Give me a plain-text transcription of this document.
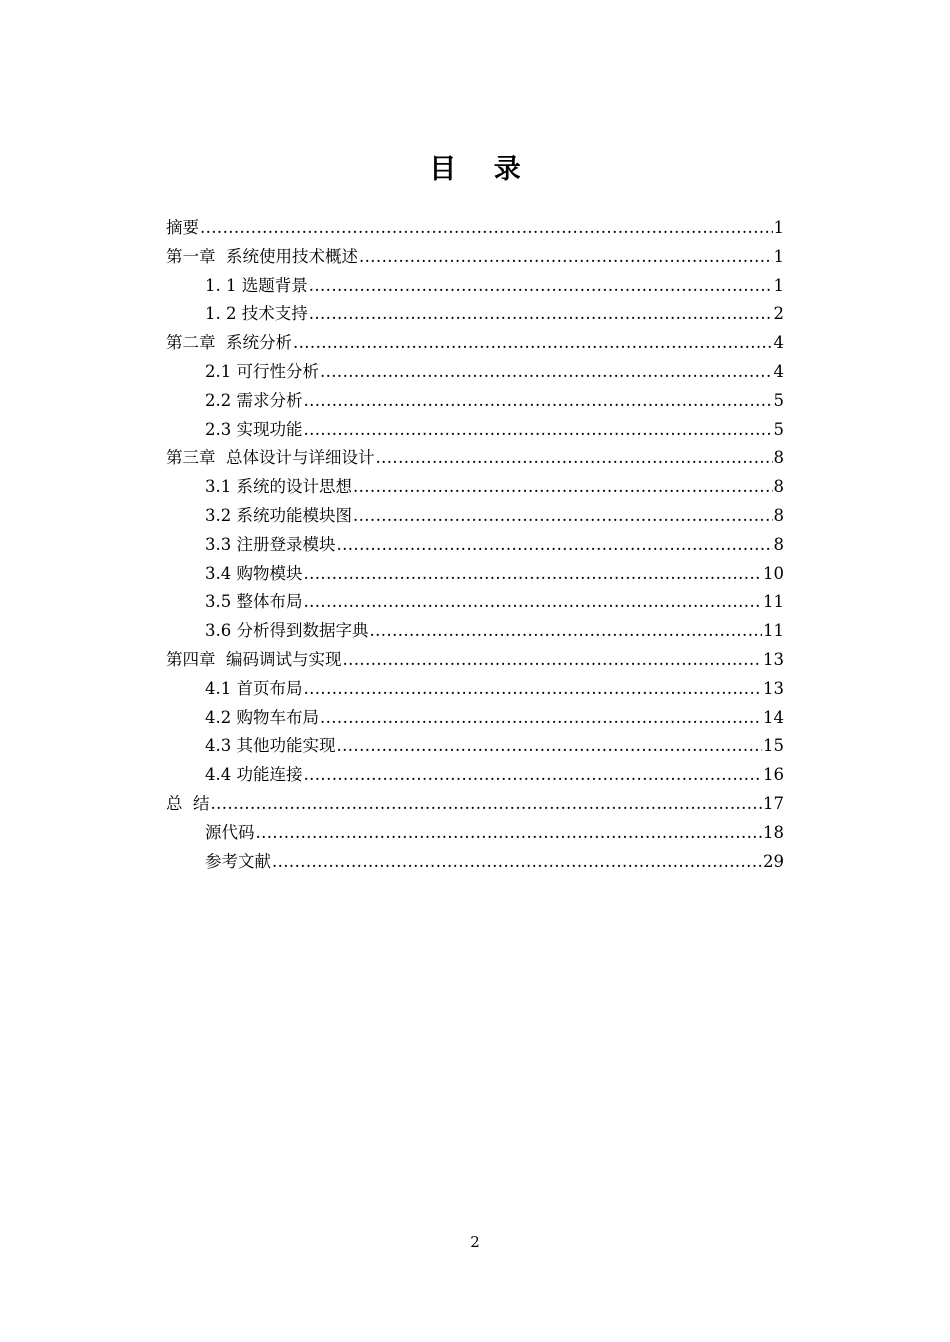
目 录
摘要 .....	1
第一章  系统使用技术概述 .....	1
1. 1 选题背景 .....	1
1. 2 技术支持 .....	2
第二章  系统分析 .....	4
2.1 可行性分析 .....	4
2.2 需求分析 .....	5
2.3 实现功能 .....	5
第三章  总体设计与详细设计 .....	8
3.1 系统的设计思想 .....	8
3.2 系统功能模块图 .....	8
3.3 注册登录模块 .....	8
3.4 购物模块 .....	10
3.5 整体布局 .....	11
3.6 分析得到数据字典 .....	11
第四章  编码调试与实现 .....	13
4.1 首页布局 .....	13
4.2 购物车布局 .....	14
4.3 其他功能实现 .....	15
4.4 功能连接 .....	16
总  结 .....	17
源代码 .....	18
参考文献 .....	29
2
